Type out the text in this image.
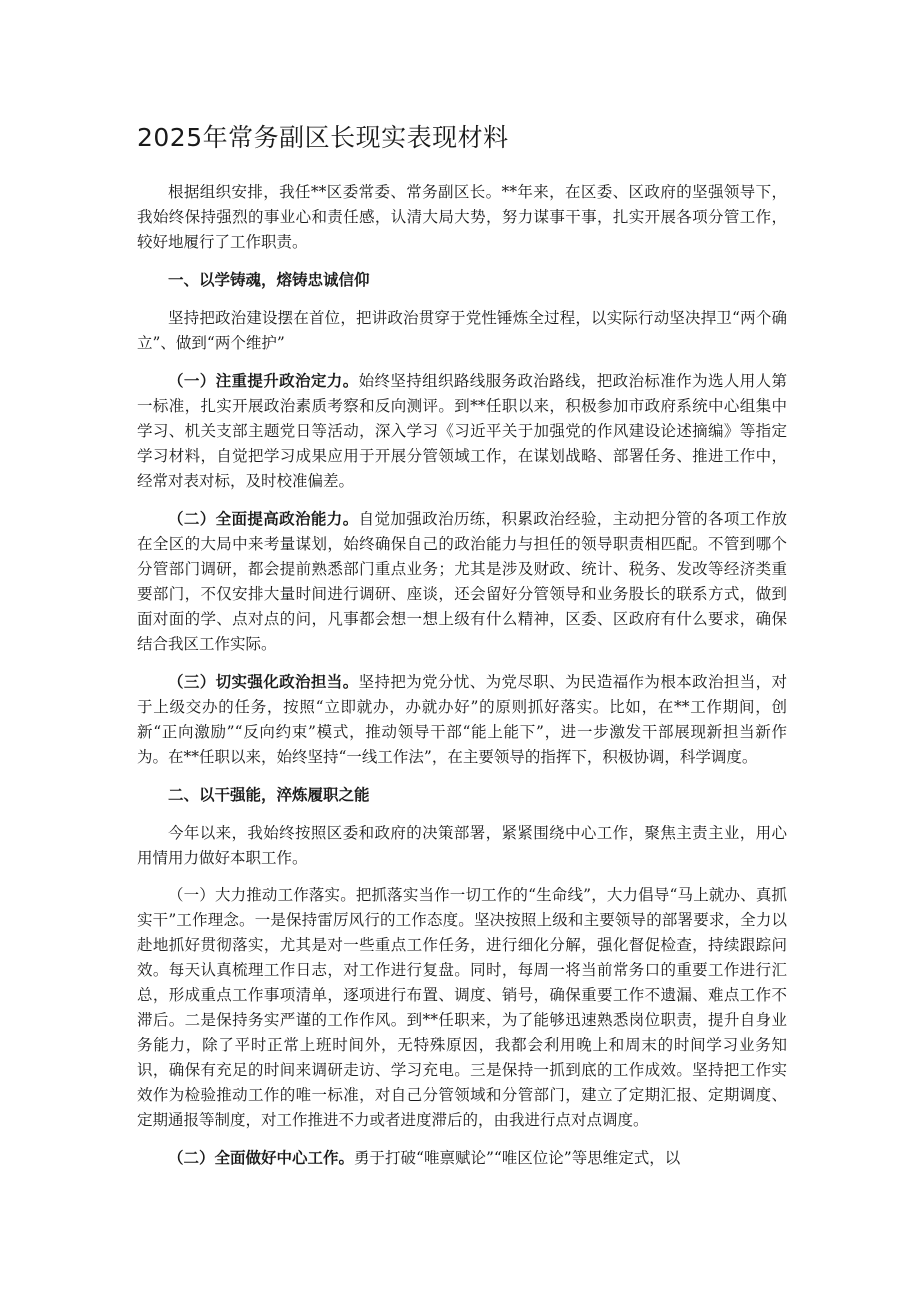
2025年常务副区长现实表现材料

根据组织安排，我任**区委常委、常务副区长。**年来，在区委、区政府的坚强领导下，我始终保持强烈的事业心和责任感，认清大局大势，努力谋事干事，扎实开展各项分管工作，较好地履行了工作职责。

一、以学铸魂，熔铸忠诚信仰

坚持把政治建设摆在首位，把讲政治贯穿于党性锤炼全过程，以实际行动坚决捍卫“两个确立”、做到“两个维护”

（一）注重提升政治定力。始终坚持组织路线服务政治路线，把政治标准作为选人用人第一标准，扎实开展政治素质考察和反向测评。到**任职以来，积极参加市政府系统中心组集中学习、机关支部主题党日等活动，深入学习《习近平关于加强党的作风建设论述摘编》等指定学习材料，自觉把学习成果应用于开展分管领域工作，在谋划战略、部署任务、推进工作中，经常对表对标，及时校准偏差。

（二）全面提高政治能力。自觉加强政治历练，积累政治经验，主动把分管的各项工作放在全区的大局中来考量谋划，始终确保自己的政治能力与担任的领导职责相匹配。不管到哪个分管部门调研，都会提前熟悉部门重点业务；尤其是涉及财政、统计、税务、发改等经济类重要部门，不仅安排大量时间进行调研、座谈，还会留好分管领导和业务股长的联系方式，做到面对面的学、点对点的问，凡事都会想一想上级有什么精神，区委、区政府有什么要求，确保结合我区工作实际。

（三）切实强化政治担当。坚持把为党分忧、为党尽职、为民造福作为根本政治担当，对于上级交办的任务，按照“立即就办，办就办好”的原则抓好落实。比如，在**工作期间，创新“正向激励”“反向约束”模式，推动领导干部“能上能下”，进一步激发干部展现新担当新作为。在**任职以来，始终坚持“一线工作法”，在主要领导的指挥下，积极协调，科学调度。

二、以干强能，淬炼履职之能

今年以来，我始终按照区委和政府的决策部署，紧紧围绕中心工作，聚焦主责主业，用心用情用力做好本职工作。

（一）大力推动工作落实。把抓落实当作一切工作的“生命线”，大力倡导“马上就办、真抓实干”工作理念。一是保持雷厉风行的工作态度。坚决按照上级和主要领导的部署要求，全力以赴地抓好贯彻落实，尤其是对一些重点工作任务，进行细化分解，强化督促检查，持续跟踪问效。每天认真梳理工作日志，对工作进行复盘。同时，每周一将当前常务口的重要工作进行汇总，形成重点工作事项清单，逐项进行布置、调度、销号，确保重要工作不遗漏、难点工作不滞后。二是保持务实严谨的工作作风。到**任职来，为了能够迅速熟悉岗位职责，提升自身业务能力，除了平时正常上班时间外，无特殊原因，我都会利用晚上和周末的时间学习业务知识，确保有充足的时间来调研走访、学习充电。三是保持一抓到底的工作成效。坚持把工作实效作为检验推动工作的唯一标准，对自己分管领域和分管部门，建立了定期汇报、定期调度、定期通报等制度，对工作推进不力或者进度滞后的，由我进行点对点调度。

（二）全面做好中心工作。勇于打破“唯禀赋论”“唯区位论”等思维定式，以
